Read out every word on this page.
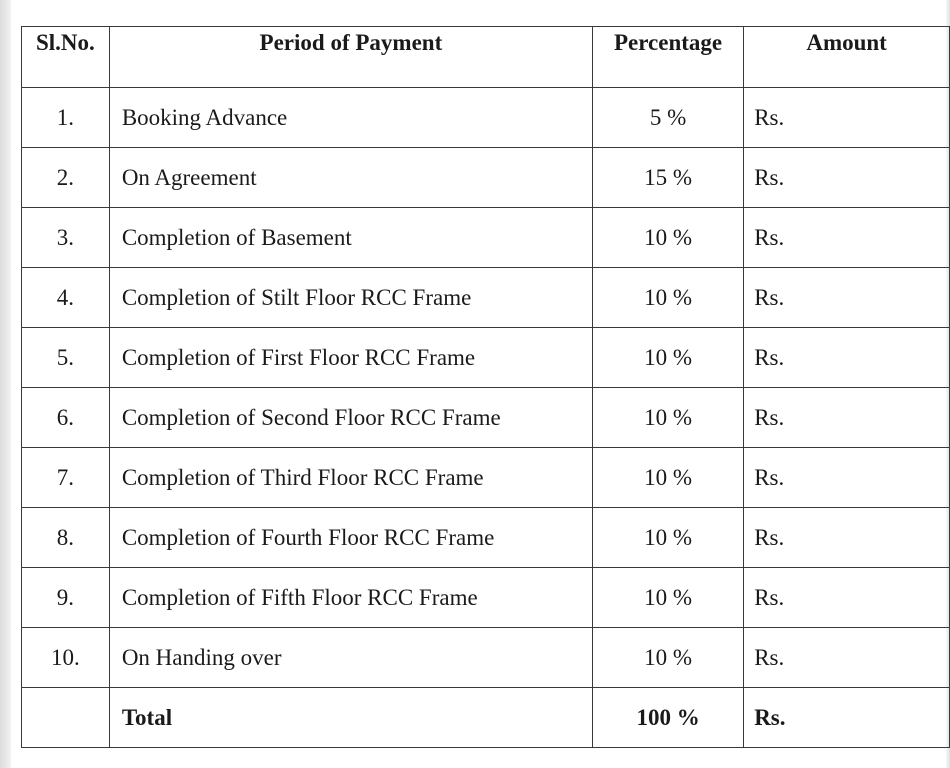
Sl.No.	Period of Payment	Percentage	Amount
1.	Booking Advance	5 %	Rs.
2.	On Agreement	15 %	Rs.
3.	Completion of Basement	10 %	Rs.
4.	Completion of Stilt Floor RCC Frame	10 %	Rs.
5.	Completion of First Floor RCC Frame	10 %	Rs.
6.	Completion of Second Floor RCC Frame	10 %	Rs.
7.	Completion of Third Floor RCC Frame	10 %	Rs.
8.	Completion of Fourth Floor RCC Frame	10 %	Rs.
9.	Completion of Fifth Floor RCC Frame	10 %	Rs.
10.	On Handing over	10 %	Rs.
	Total	100 %	Rs.
